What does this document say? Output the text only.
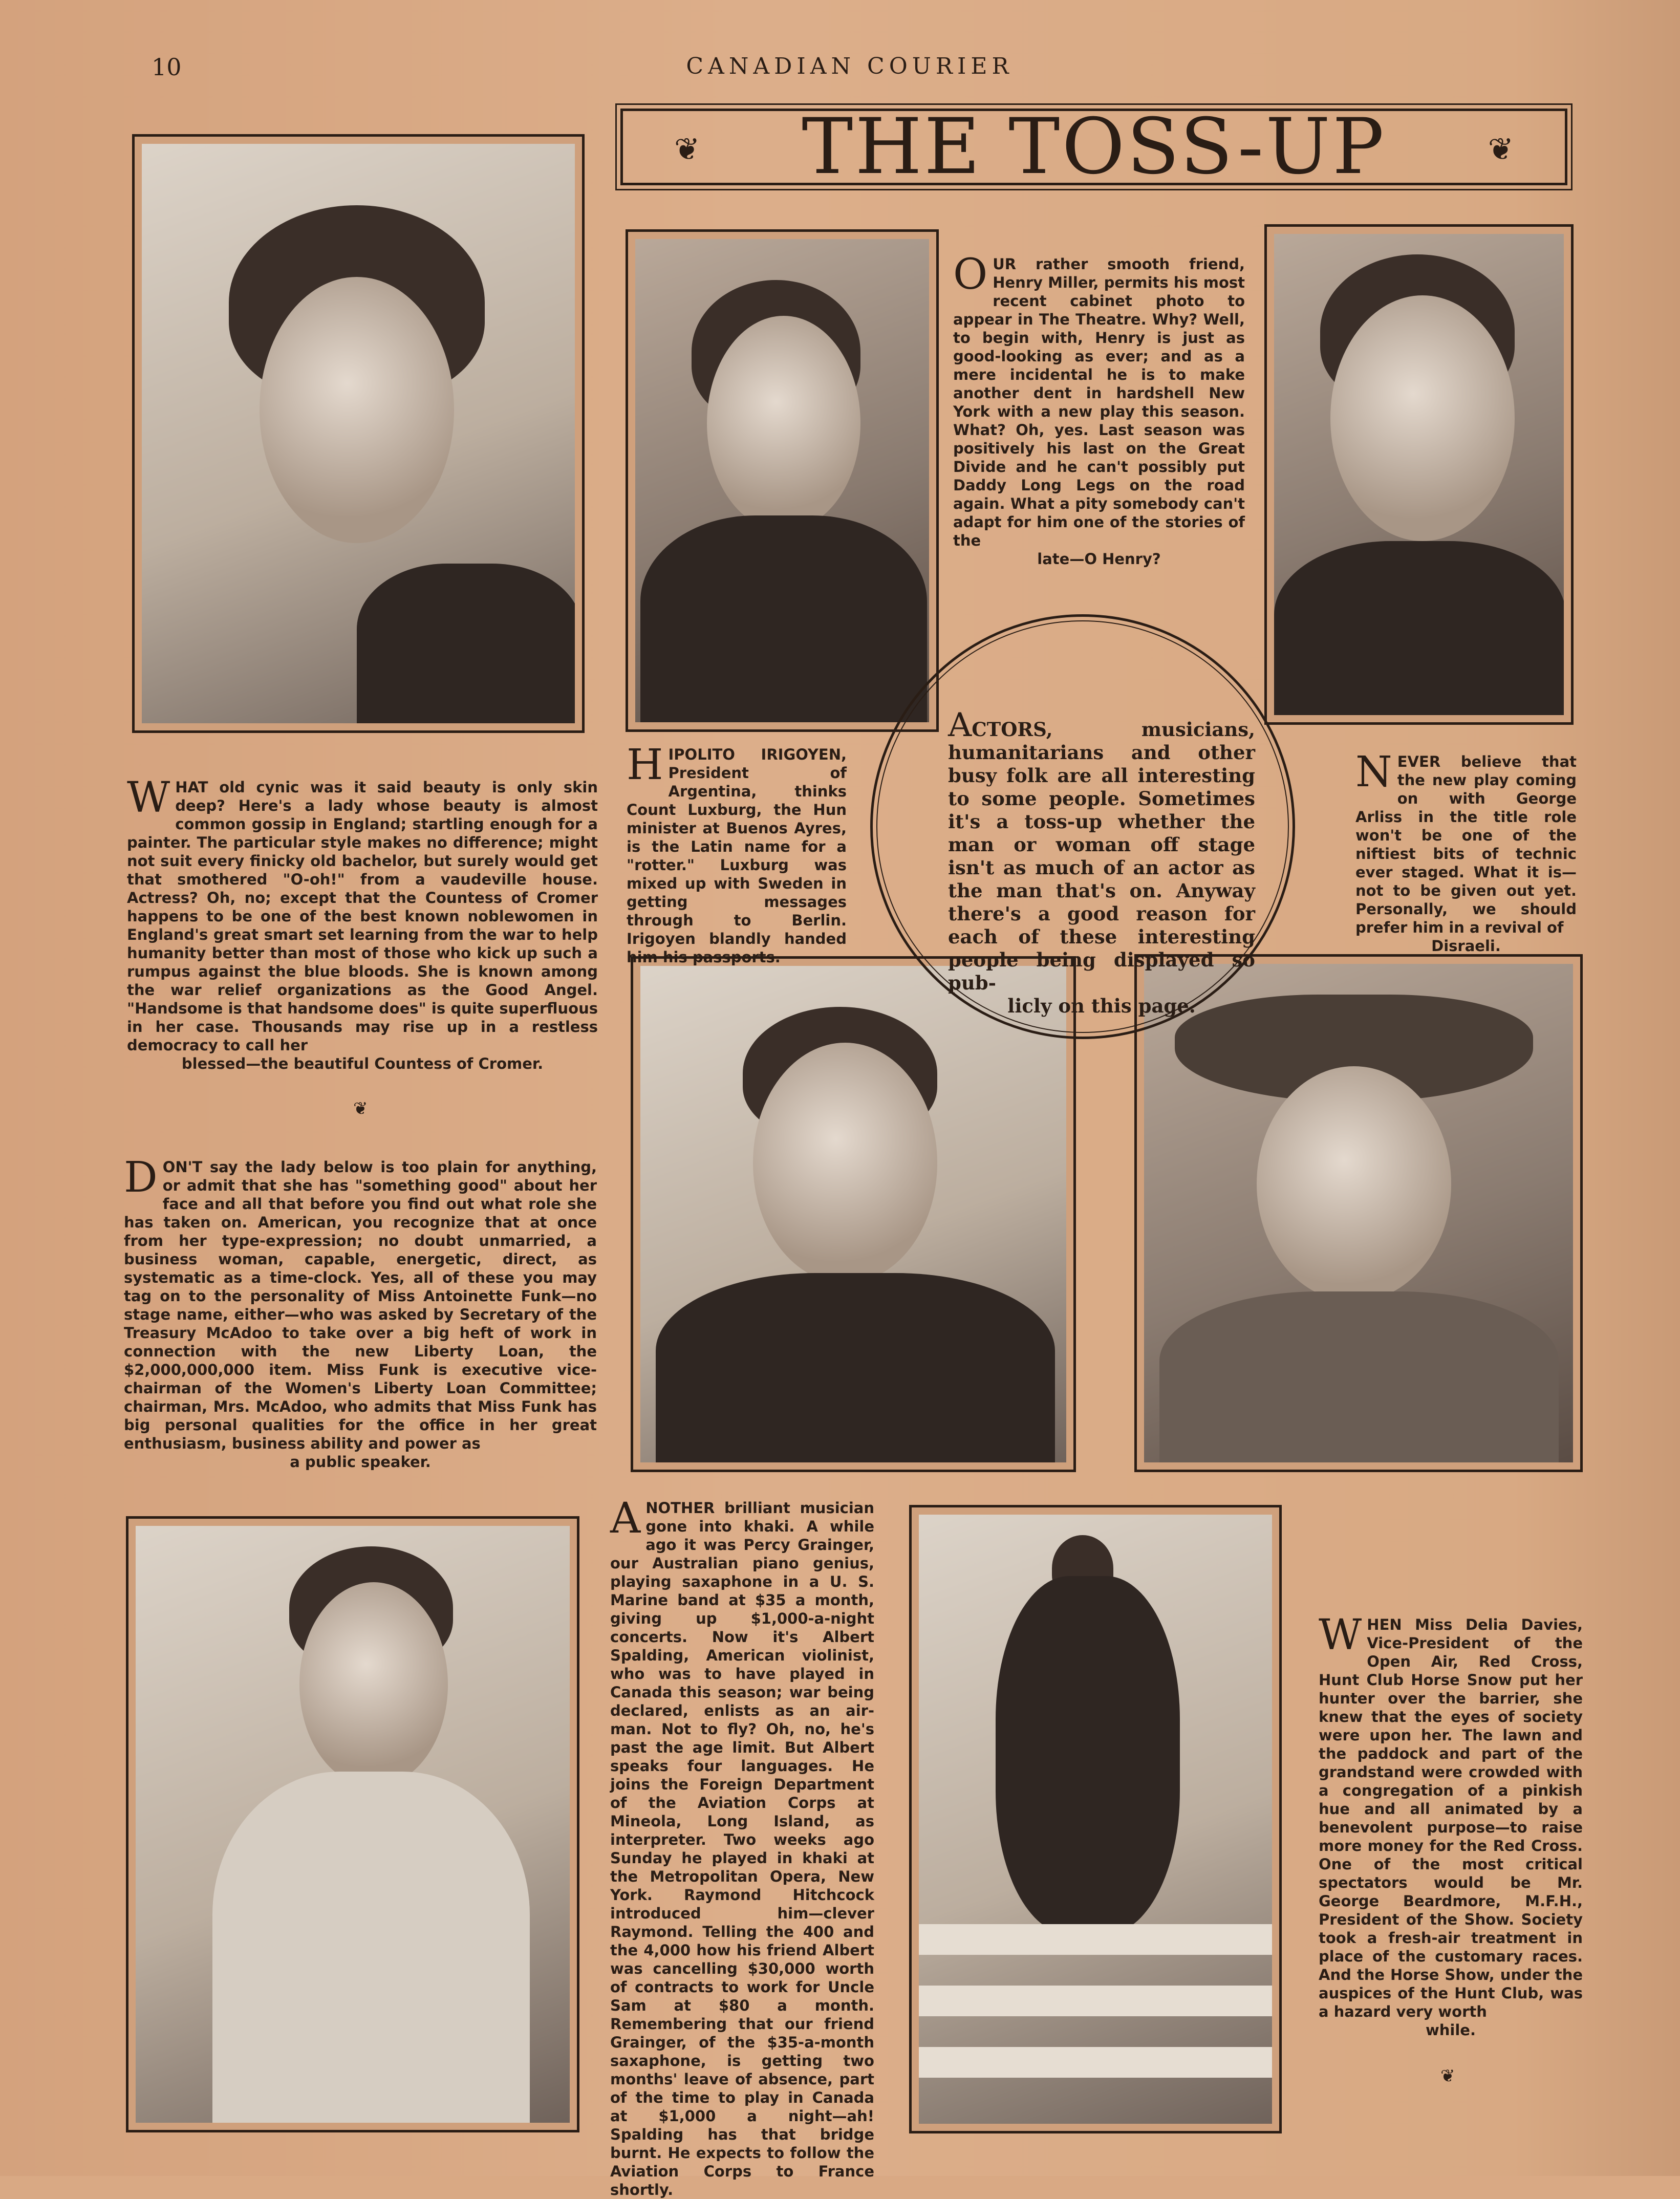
10	CANADIAN COURIER
❦ THE TOSS-UP	❦
ACTORS, musicians, humanitarians and other busy folk are all interesting to some people. Sometimes it's a toss-up whether the man or woman off stage isn't as much of an actor as the man that's on. Anyway there's a good reason for each of these interesting people being displayed so pub-
licly on this page.
WHAT old cynic was it said beauty is only skin deep? Here's a lady whose beauty is almost common gossip in England; startling enough for a painter. The particular style makes no difference; might not suit every finicky old bachelor, but surely would get that smothered "O-oh!" from a vaudeville house. Actress? Oh, no; except that the Countess of Cromer happens to be one of the best known noblewomen in England's great smart set learning from the war to help humanity better than most of those who kick up such a rumpus against the blue bloods. She is known among the war relief organizations as the Good Angel. "Handsome is that handsome does" is quite superfluous in her case. Thousands may rise up in a restless democracy to call her
blessed—the beautiful Countess of Cromer.
HIPOLITO IRIGOYEN, President of Argentina, thinks Count Luxburg, the Hun minister at Buenos Ayres, is the Latin name for a "rotter." Luxburg was mixed up with Sweden in getting messages through to Berlin. Irigoyen blandly handed him his passports.
OUR rather smooth friend, Henry Miller, permits his most recent cabinet photo to appear in The Theatre. Why? Well, to begin with, Henry is just as good-looking as ever; and as a mere incidental he is to make another dent in hardshell New York with a new play this season. What? Oh, yes. Last season was positively his last on the Great Divide and he can't possibly put Daddy Long Legs on the road again. What a pity somebody can't adapt for him one of the stories of the
late—O Henry?
NEVER believe that the new play coming on with George Arliss in the title role won't be one of the niftiest bits of technic ever staged. What it is—not to be given out yet. Personally, we should prefer him in a revival of
Disraeli.
DON'T say the lady below is too plain for anything, or admit that she has "something good" about her face and all that before you find out what role she has taken on. American, you recognize that at once from her type-expression; no doubt unmarried, a business woman, capable, energetic, direct, as systematic as a time-clock. Yes, all of these you may tag on to the personality of Miss Antoinette Funk—no stage name, either—who was asked by Secretary of the Treasury McAdoo to take over a big heft of work in connection with the new Liberty Loan, the $2,000,000,000 item. Miss Funk is executive vice-chairman of the Women's Liberty Loan Committee; chairman, Mrs. McAdoo, who admits that Miss Funk has big personal qualities for the office in her great enthusiasm, business ability and power as
a public speaker.
ANOTHER brilliant musician gone into khaki. A while ago it was Percy Grainger, our Australian piano genius, playing saxaphone in a U. S. Marine band at $35 a month, giving up $1,000-a-night concerts. Now it's Albert Spalding, American violinist, who was to have played in Canada this season; war being declared, enlists as an air-man. Not to fly? Oh, no, he's past the age limit. But Albert speaks four languages. He joins the Foreign Department of the Aviation Corps at Mineola, Long Island, as interpreter. Two weeks ago Sunday he played in khaki at the Metropolitan Opera, New York. Raymond Hitchcock introduced him—clever Raymond. Telling the 400 and the 4,000 how his friend Albert was cancelling $30,000 worth of contracts to work for Uncle Sam at $80 a month. Remembering that our friend Grainger, of the $35-a-month saxaphone, is getting two months' leave of absence, part of the time to play in Canada at $1,000 a night—ah! Spalding has that bridge burnt. He expects to follow the Aviation Corps to France shortly.
WHEN Miss Delia Davies, Vice-President of the Open Air, Red Cross, Hunt Club Horse Snow put her hunter over the barrier, she knew that the eyes of society were upon her. The lawn and the paddock and part of the grandstand were crowded with a congregation of a pinkish hue and all animated by a benevolent purpose—to raise more money for the Red Cross. One of the most critical spectators would be Mr. George Beardmore, M.F.H., President of the Show. Society took a fresh-air treatment in place of the customary races. And the Horse Show, under the auspices of the Hunt Club, was a hazard very worth
while.
❦
❦
